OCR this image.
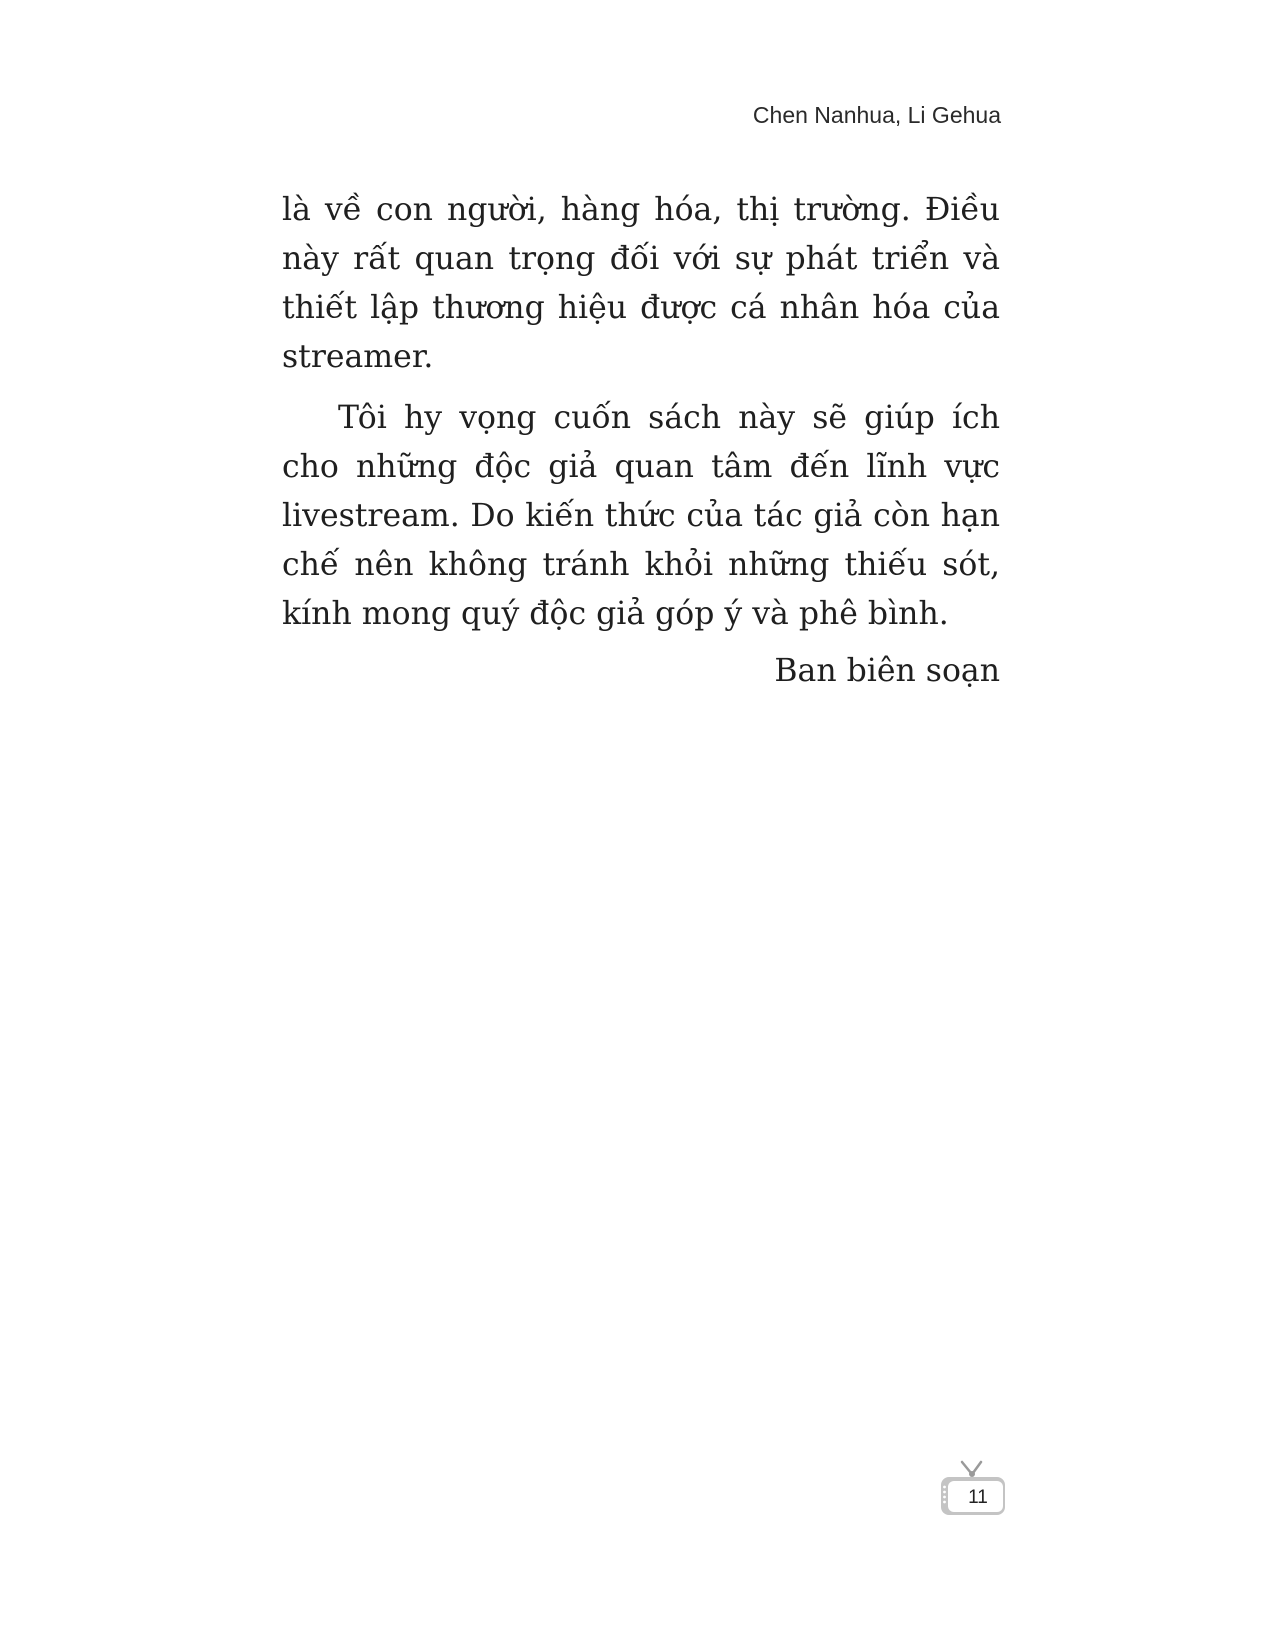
Chen Nanhua, Li Gehua

là về con người, hàng hóa, thị trường. Điều này rất quan trọng đối với sự phát triển và thiết lập thương hiệu được cá nhân hóa của streamer.

Tôi hy vọng cuốn sách này sẽ giúp ích cho những độc giả quan tâm đến lĩnh vực livestream. Do kiến thức của tác giả còn hạn chế nên không tránh khỏi những thiếu sót, kính mong quý độc giả góp ý và phê bình.

Ban biên soạn

11
